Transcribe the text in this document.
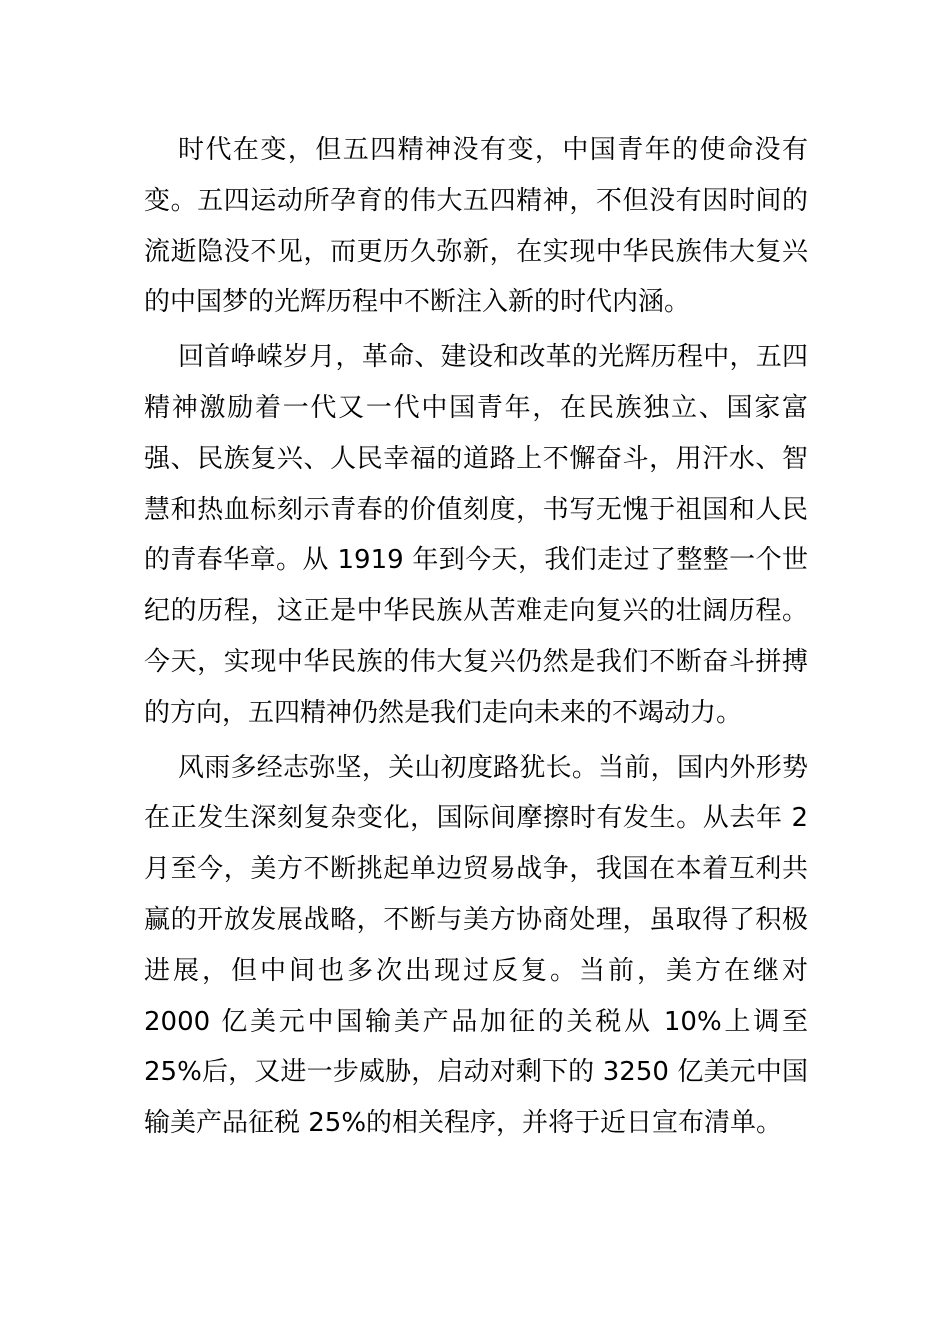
时代在变，但五四精神没有变，中国青年的使命没有变。五四运动所孕育的伟大五四精神，不但没有因时间的流逝隐没不见，而更历久弥新，在实现中华民族伟大复兴的中国梦的光辉历程中不断注入新的时代内涵。

回首峥嵘岁月，革命、建设和改革的光辉历程中，五四精神激励着一代又一代中国青年，在民族独立、国家富强、民族复兴、人民幸福的道路上不懈奋斗，用汗水、智慧和热血标刻示青春的价值刻度，书写无愧于祖国和人民的青春华章。从 1919 年到今天，我们走过了整整一个世纪的历程，这正是中华民族从苦难走向复兴的壮阔历程。今天，实现中华民族的伟大复兴仍然是我们不断奋斗拼搏的方向，五四精神仍然是我们走向未来的不竭动力。

风雨多经志弥坚，关山初度路犹长。当前，国内外形势在正发生深刻复杂变化，国际间摩擦时有发生。从去年 2 月至今，美方不断挑起单边贸易战争，我国在本着互利共赢的开放发展战略，不断与美方协商处理，虽取得了积极进展，但中间也多次出现过反复。当前，美方在继对 2000 亿美元中国输美产品加征的关税从 10%上调至 25%后，又进一步威胁，启动对剩下的 3250 亿美元中国输美产品征税 25%的相关程序，并将于近日宣布清单。
